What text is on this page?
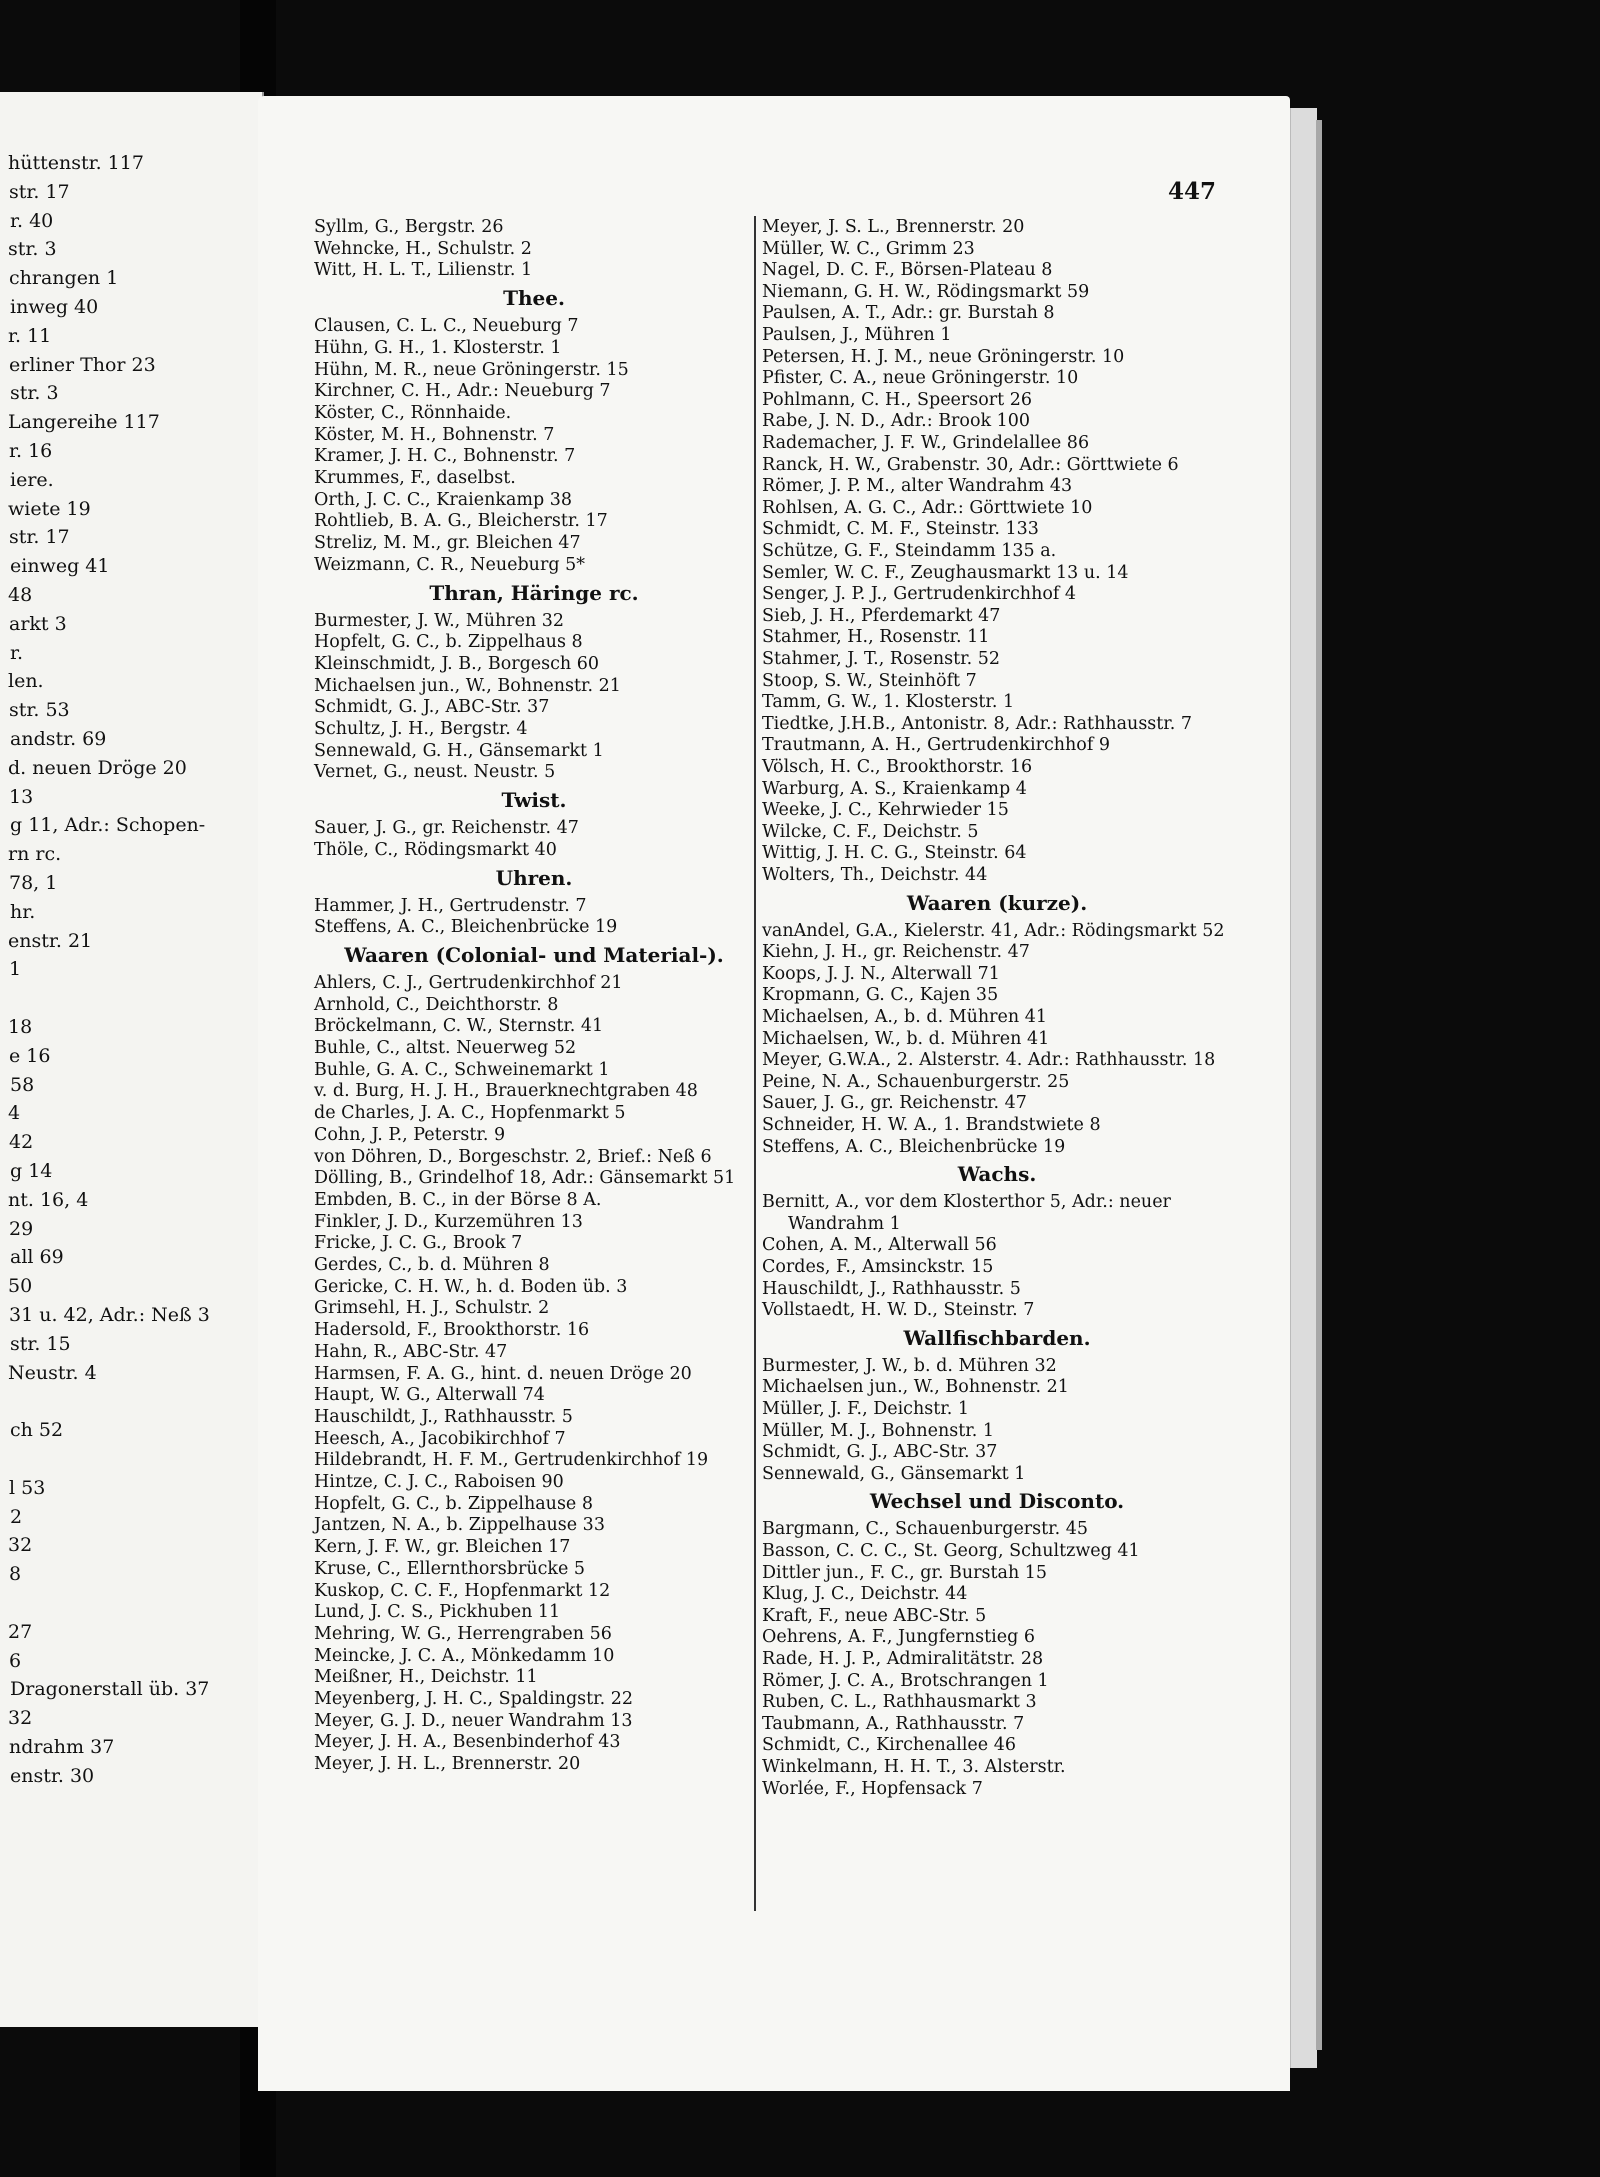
hüttenstr. 117
str. 17
r. 40
str. 3
chrangen 1
inweg 40
r. 11
erliner Thor 23
str. 3
Langereihe 117
r. 16
iere.
wiete 19
str. 17
einweg 41
48
arkt 3
r.
len.
str. 53
andstr. 69
d. neuen Dröge 20
13
g 11, Adr.: Schopen-
rn rc.
78, 1
hr.
enstr. 21
1
18
e 16
58
4
42
g 14
nt. 16, 4
29
all 69
50
31 u. 42, Adr.: Neß 3
str. 15
Neustr. 4
ch 52
l 53
2
32
8
27
6
Dragonerstall üb. 37
32
ndrahm 37
enstr. 30
447
Syllm, G., Bergstr. 26
Wehncke, H., Schulstr. 2
Witt, H. L. T., Lilienstr. 1
Thee.
Clausen, C. L. C., Neueburg 7
Hühn, G. H., 1. Klosterstr. 1
Hühn, M. R., neue Gröningerstr. 15
Kirchner, C. H., Adr.: Neueburg 7
Köster, C., Rönnhaide.
Köster, M. H., Bohnenstr. 7
Kramer, J. H. C., Bohnenstr. 7
Krummes, F., daselbst.
Orth, J. C. C., Kraienkamp 38
Rohtlieb, B. A. G., Bleicherstr. 17
Streliz, M. M., gr. Bleichen 47
Weizmann, C. R., Neueburg 5*
Thran, Häringe rc.
Burmester, J. W., Mühren 32
Hopfelt, G. C., b. Zippelhaus 8
Kleinschmidt, J. B., Borgesch 60
Michaelsen jun., W., Bohnenstr. 21
Schmidt, G. J., ABC-Str. 37
Schultz, J. H., Bergstr. 4
Sennewald, G. H., Gänsemarkt 1
Vernet, G., neust. Neustr. 5
Twist.
Sauer, J. G., gr. Reichenstr. 47
Thöle, C., Rödingsmarkt 40
Uhren.
Hammer, J. H., Gertrudenstr. 7
Steffens, A. C., Bleichenbrücke 19
Waaren (Colonial- und Material-).
Ahlers, C. J., Gertrudenkirchhof 21
Arnhold, C., Deichthorstr. 8
Bröckelmann, C. W., Sternstr. 41
Buhle, C., altst. Neuerweg 52
Buhle, G. A. C., Schweinemarkt 1
v. d. Burg, H. J. H., Brauerknechtgraben 48
de Charles, J. A. C., Hopfenmarkt 5
Cohn, J. P., Peterstr. 9
von Döhren, D., Borgeschstr. 2, Brief.: Neß 6
Dölling, B., Grindelhof 18, Adr.: Gänsemarkt 51
Embden, B. C., in der Börse 8 A.
Finkler, J. D., Kurzemühren 13
Fricke, J. C. G., Brook 7
Gerdes, C., b. d. Mühren 8
Gericke, C. H. W., h. d. Boden üb. 3
Grimsehl, H. J., Schulstr. 2
Hadersold, F., Brookthorstr. 16
Hahn, R., ABC-Str. 47
Harmsen, F. A. G., hint. d. neuen Dröge 20
Haupt, W. G., Alterwall 74
Hauschildt, J., Rathhausstr. 5
Heesch, A., Jacobikirchhof 7
Hildebrandt, H. F. M., Gertrudenkirchhof 19
Hintze, C. J. C., Raboisen 90
Hopfelt, G. C., b. Zippelhause 8
Jantzen, N. A., b. Zippelhause 33
Kern, J. F. W., gr. Bleichen 17
Kruse, C., Ellernthorsbrücke 5
Kuskop, C. C. F., Hopfenmarkt 12
Lund, J. C. S., Pickhuben 11
Mehring, W. G., Herrengraben 56
Meincke, J. C. A., Mönkedamm 10
Meißner, H., Deichstr. 11
Meyenberg, J. H. C., Spaldingstr. 22
Meyer, G. J. D., neuer Wandrahm 13
Meyer, J. H. A., Besenbinderhof 43
Meyer, J. H. L., Brennerstr. 20
Meyer, J. S. L., Brennerstr. 20
Müller, W. C., Grimm 23
Nagel, D. C. F., Börsen-Plateau 8
Niemann, G. H. W., Rödingsmarkt 59
Paulsen, A. T., Adr.: gr. Burstah 8
Paulsen, J., Mühren 1
Petersen, H. J. M., neue Gröningerstr. 10
Pfister, C. A., neue Gröningerstr. 10
Pohlmann, C. H., Speersort 26
Rabe, J. N. D., Adr.: Brook 100
Rademacher, J. F. W., Grindelallee 86
Ranck, H. W., Grabenstr. 30, Adr.: Görttwiete 6
Römer, J. P. M., alter Wandrahm 43
Rohlsen, A. G. C., Adr.: Görttwiete 10
Schmidt, C. M. F., Steinstr. 133
Schütze, G. F., Steindamm 135 a.
Semler, W. C. F., Zeughausmarkt 13 u. 14
Senger, J. P. J., Gertrudenkirchhof 4
Sieb, J. H., Pferdemarkt 47
Stahmer, H., Rosenstr. 11
Stahmer, J. T., Rosenstr. 52
Stoop, S. W., Steinhöft 7
Tamm, G. W., 1. Klosterstr. 1
Tiedtke, J.H.B., Antonistr. 8, Adr.: Rathhausstr. 7
Trautmann, A. H., Gertrudenkirchhof 9
Völsch, H. C., Brookthorstr. 16
Warburg, A. S., Kraienkamp 4
Weeke, J. C., Kehrwieder 15
Wilcke, C. F., Deichstr. 5
Wittig, J. H. C. G., Steinstr. 64
Wolters, Th., Deichstr. 44
Waaren (kurze).
vanAndel, G.A., Kielerstr. 41, Adr.: Rödingsmarkt 52
Kiehn, J. H., gr. Reichenstr. 47
Koops, J. J. N., Alterwall 71
Kropmann, G. C., Kajen 35
Michaelsen, A., b. d. Mühren 41
Michaelsen, W., b. d. Mühren 41
Meyer, G.W.A., 2. Alsterstr. 4. Adr.: Rathhausstr. 18
Peine, N. A., Schauenburgerstr. 25
Sauer, J. G., gr. Reichenstr. 47
Schneider, H. W. A., 1. Brandstwiete 8
Steffens, A. C., Bleichenbrücke 19
Wachs.
Bernitt, A., vor dem Klosterthor 5, Adr.: neuer
Wandrahm 1
Cohen, A. M., Alterwall 56
Cordes, F., Amsinckstr. 15
Hauschildt, J., Rathhausstr. 5
Vollstaedt, H. W. D., Steinstr. 7
Wallfischbarden.
Burmester, J. W., b. d. Mühren 32
Michaelsen jun., W., Bohnenstr. 21
Müller, J. F., Deichstr. 1
Müller, M. J., Bohnenstr. 1
Schmidt, G. J., ABC-Str. 37
Sennewald, G., Gänsemarkt 1
Wechsel und Disconto.
Bargmann, C., Schauenburgerstr. 45
Basson, C. C. C., St. Georg, Schultzweg 41
Dittler jun., F. C., gr. Burstah 15
Klug, J. C., Deichstr. 44
Kraft, F., neue ABC-Str. 5
Oehrens, A. F., Jungfernstieg 6
Rade, H. J. P., Admiralitätstr. 28
Römer, J. C. A., Brotschrangen 1
Ruben, C. L., Rathhausmarkt 3
Taubmann, A., Rathhausstr. 7
Schmidt, C., Kirchenallee 46
Winkelmann, H. H. T., 3. Alsterstr.
Worlée, F., Hopfensack 7
